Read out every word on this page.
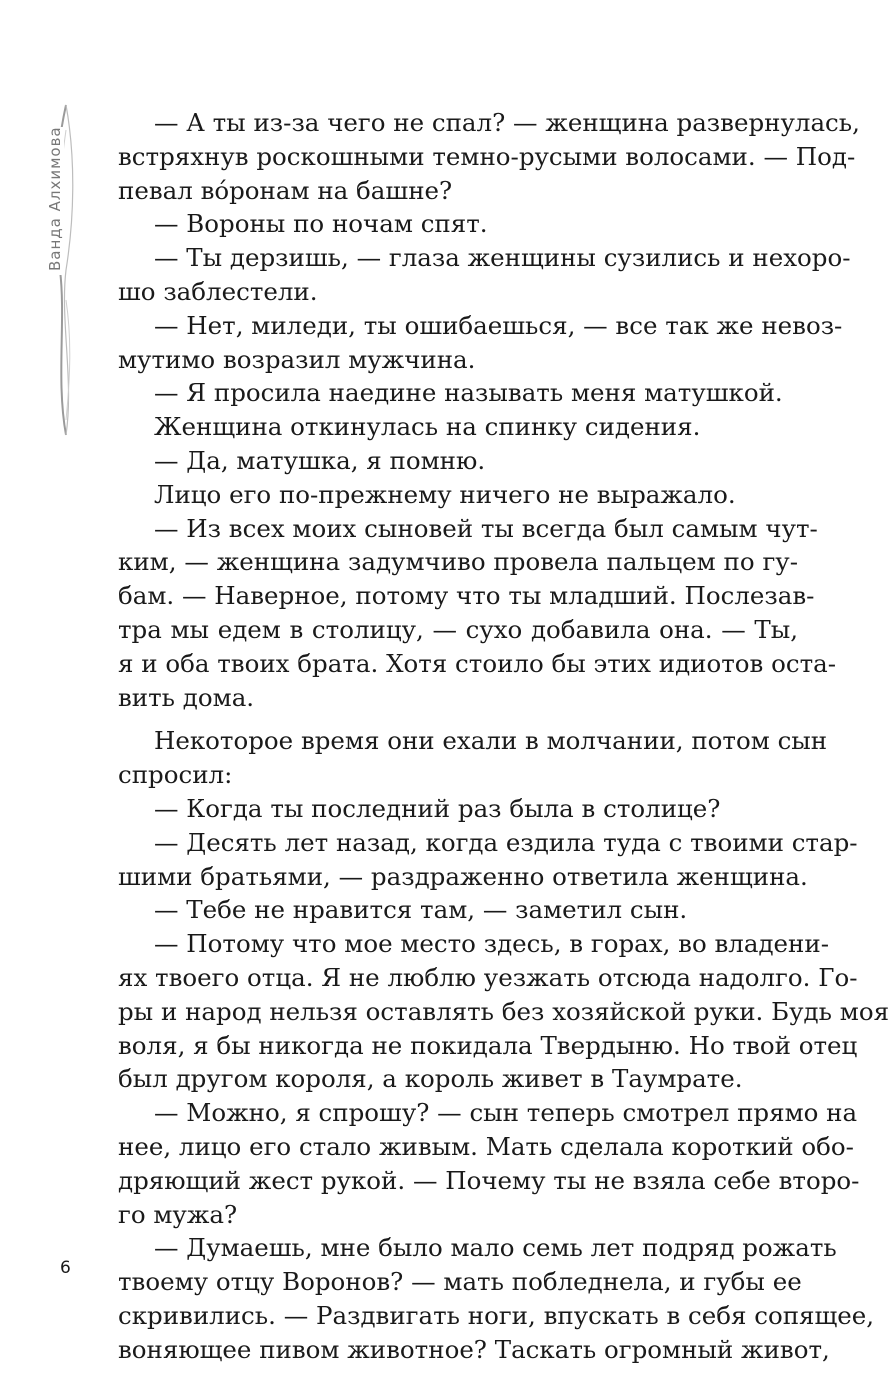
Ванда Алхимова
— А ты из-за чего не спал? — женщина развернулась,
встряхнув роскошными темно-русыми волосами. — Под-
певал во́ронам на башне?
— Вороны по ночам спят.
— Ты дерзишь, — глаза женщины сузились и нехоро-
шо заблестели.
— Нет, миледи, ты ошибаешься, — все так же невоз-
мутимо возразил мужчина.
— Я просила наедине называть меня матушкой.
Женщина откинулась на спинку сидения.
— Да, матушка, я помню.
Лицо его по-прежнему ничего не выражало.
— Из всех моих сыновей ты всегда был самым чут-
ким, — женщина задумчиво провела пальцем по гу-
бам. — Наверное, потому что ты младший. Послезав-
тра мы едем в столицу, — сухо добавила она. — Ты,
я и оба твоих брата. Хотя стоило бы этих идиотов оста-
вить дома.
Некоторое время они ехали в молчании, потом сын
спросил:
— Когда ты последний раз была в столице?
— Десять лет назад, когда ездила туда с твоими стар-
шими братьями, — раздраженно ответила женщина.
— Тебе не нравится там, — заметил сын.
— Потому что мое место здесь, в горах, во владени-
ях твоего отца. Я не люблю уезжать отсюда надолго. Го-
ры и народ нельзя оставлять без хозяйской руки. Будь моя
воля, я бы никогда не покидала Твердыню. Но твой отец
был другом короля, а король живет в Таумрате.
— Можно, я спрошу? — сын теперь смотрел прямо на
нее, лицо его стало живым. Мать сделала короткий обо-
дряющий жест рукой. — Почему ты не взяла себе второ-
го мужа?
— Думаешь, мне было мало семь лет подряд рожать
твоему отцу Воронов? — мать побледнела, и губы ее
скривились. — Раздвигать ноги, впускать в себя сопящее,
воняющее пивом животное? Таскать огромный живот,
6
